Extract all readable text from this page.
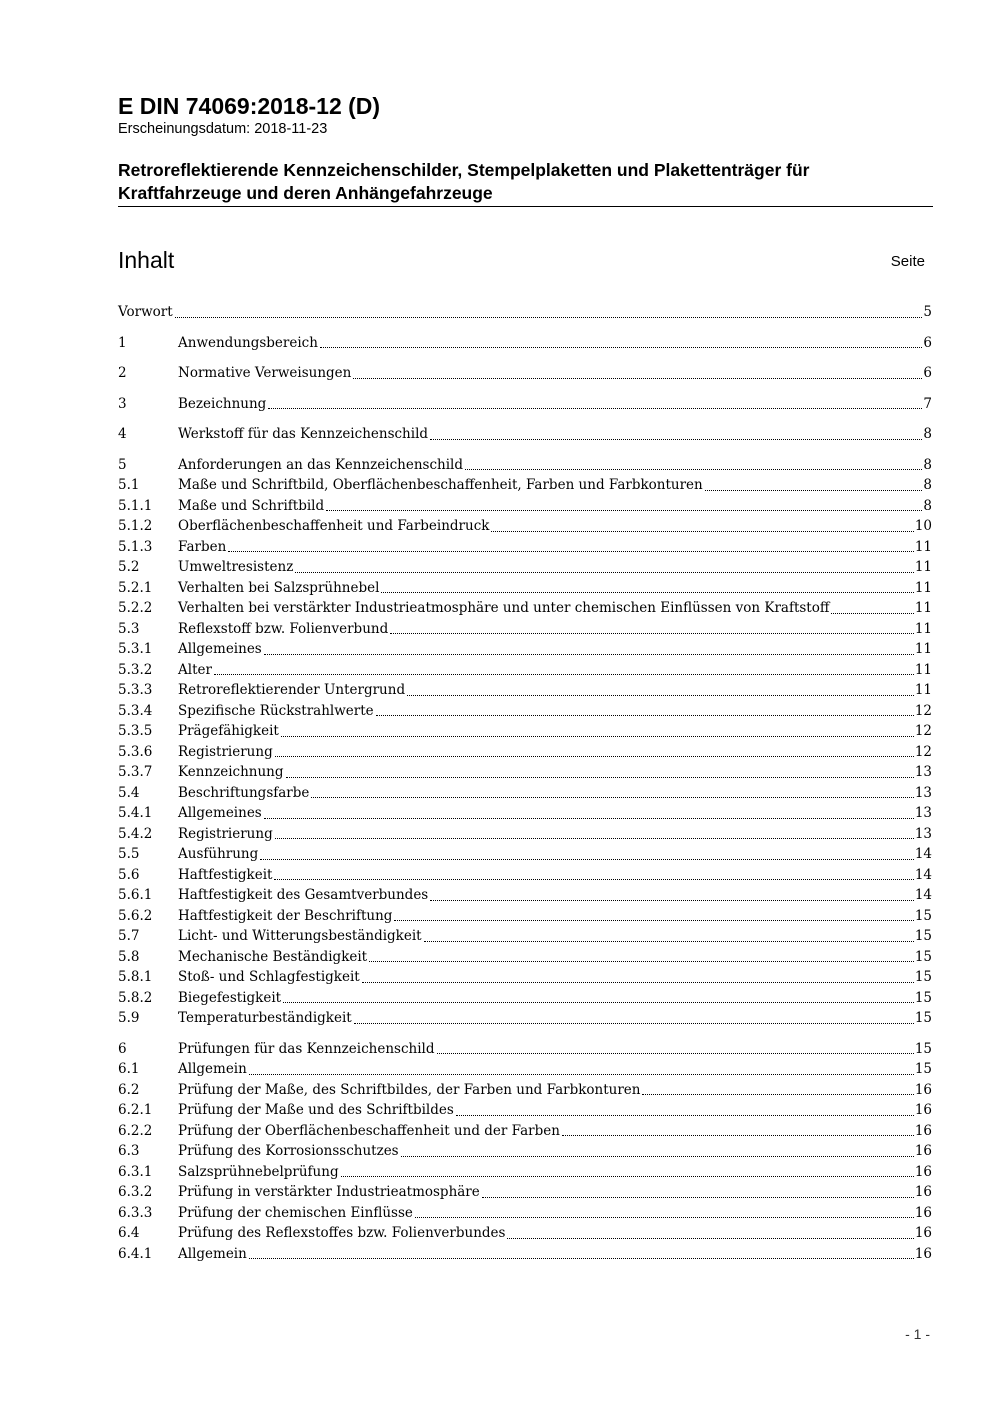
E DIN 74069:2018-12 (D)
Erscheinungsdatum: 2018-11-23
Retroreflektierende Kennzeichenschilder, Stempelplaketten und Plakettenträger für Kraftfahrzeuge und deren Anhängefahrzeuge
Inhalt	Seite
Vorwort	5
1	Anwendungsbereich	6
2	Normative Verweisungen	6
3	Bezeichnung	7
4	Werkstoff für das Kennzeichenschild	8
5	Anforderungen an das Kennzeichenschild	8
5.1	Maße und Schriftbild, Oberflächenbeschaffenheit, Farben und Farbkonturen	8
5.1.1	Maße und Schriftbild	8
5.1.2	Oberflächenbeschaffenheit und Farbeindruck	10
5.1.3	Farben	11
5.2	Umweltresistenz	11
5.2.1	Verhalten bei Salzsprühnebel	11
5.2.2	Verhalten bei verstärkter Industrieatmosphäre und unter chemischen Einflüssen von Kraftstoff	11
5.3	Reflexstoff bzw. Folienverbund	11
5.3.1	Allgemeines	11
5.3.2	Alter	11
5.3.3	Retroreflektierender Untergrund	11
5.3.4	Spezifische Rückstrahlwerte	12
5.3.5	Prägefähigkeit	12
5.3.6	Registrierung	12
5.3.7	Kennzeichnung	13
5.4	Beschriftungsfarbe	13
5.4.1	Allgemeines	13
5.4.2	Registrierung	13
5.5	Ausführung	14
5.6	Haftfestigkeit	14
5.6.1	Haftfestigkeit des Gesamtverbundes	14
5.6.2	Haftfestigkeit der Beschriftung	15
5.7	Licht- und Witterungsbeständigkeit	15
5.8	Mechanische Beständigkeit	15
5.8.1	Stoß- und Schlagfestigkeit	15
5.8.2	Biegefestigkeit	15
5.9	Temperaturbeständigkeit	15
6	Prüfungen für das Kennzeichenschild	15
6.1	Allgemein	15
6.2	Prüfung der Maße, des Schriftbildes, der Farben und Farbkonturen	16
6.2.1	Prüfung der Maße und des Schriftbildes	16
6.2.2	Prüfung der Oberflächenbeschaffenheit und der Farben	16
6.3	Prüfung des Korrosionsschutzes	16
6.3.1	Salzsprühnebelprüfung	16
6.3.2	Prüfung in verstärkter Industrieatmosphäre	16
6.3.3	Prüfung der chemischen Einflüsse	16
6.4	Prüfung des Reflexstoffes bzw. Folienverbundes	16
6.4.1	Allgemein	16
- 1 -
